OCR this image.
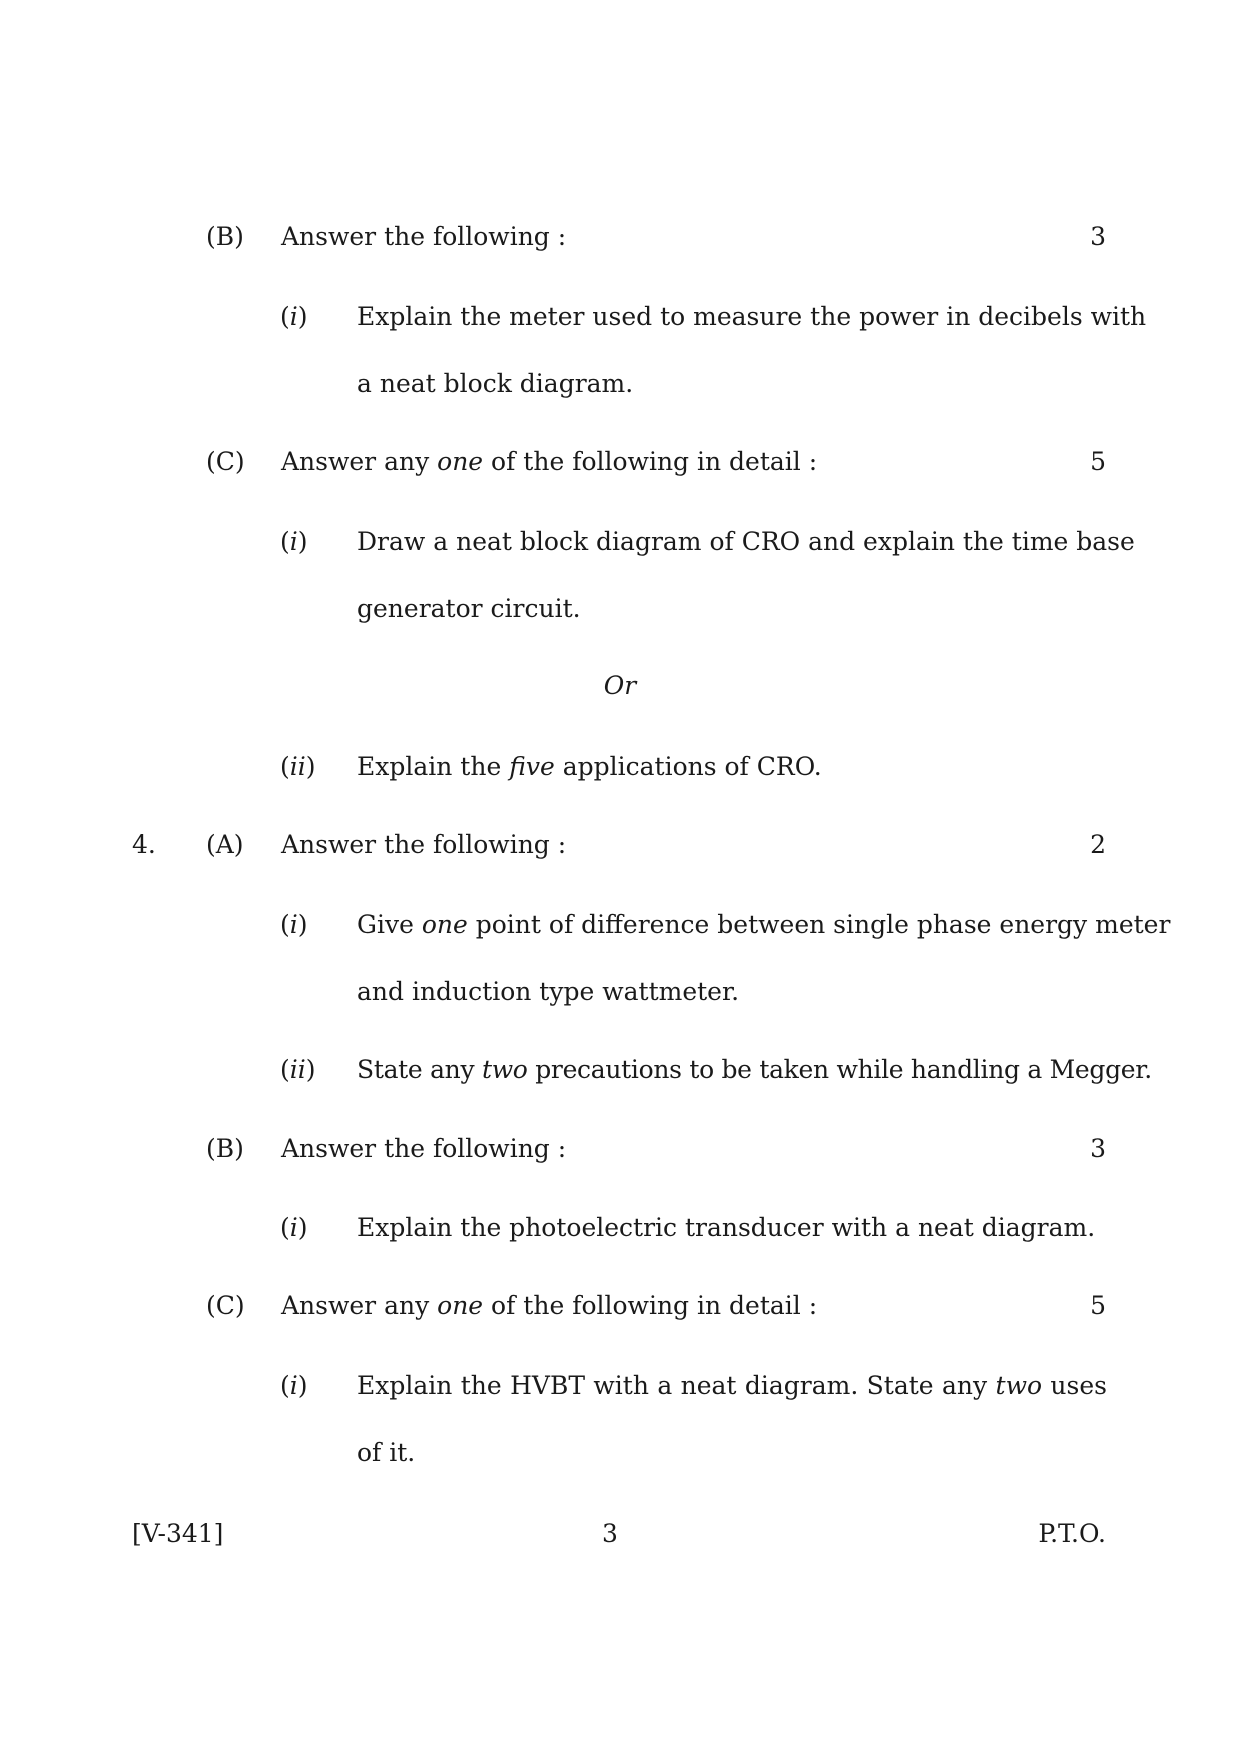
(B) Answer the following :	3
(i) Explain the meter used to measure the power in decibels with
a neat block diagram.
(C) Answer any one of the following in detail :	5
(i) Draw a neat block diagram of CRO and explain the time base
generator circuit.
Or
(ii) Explain the five applications of CRO.
4. (A) Answer the following :	2
(i) Give one point of difference between single phase energy meter
and induction type wattmeter.
(ii) State any two precautions to be taken while handling a Megger.
(B) Answer the following :	3
(i) Explain the photoelectric transducer with a neat diagram.
(C) Answer any one of the following in detail :	5
(i) Explain the HVBT with a neat diagram. State any two uses
of it.
[V-341]	3	P.T.O.
